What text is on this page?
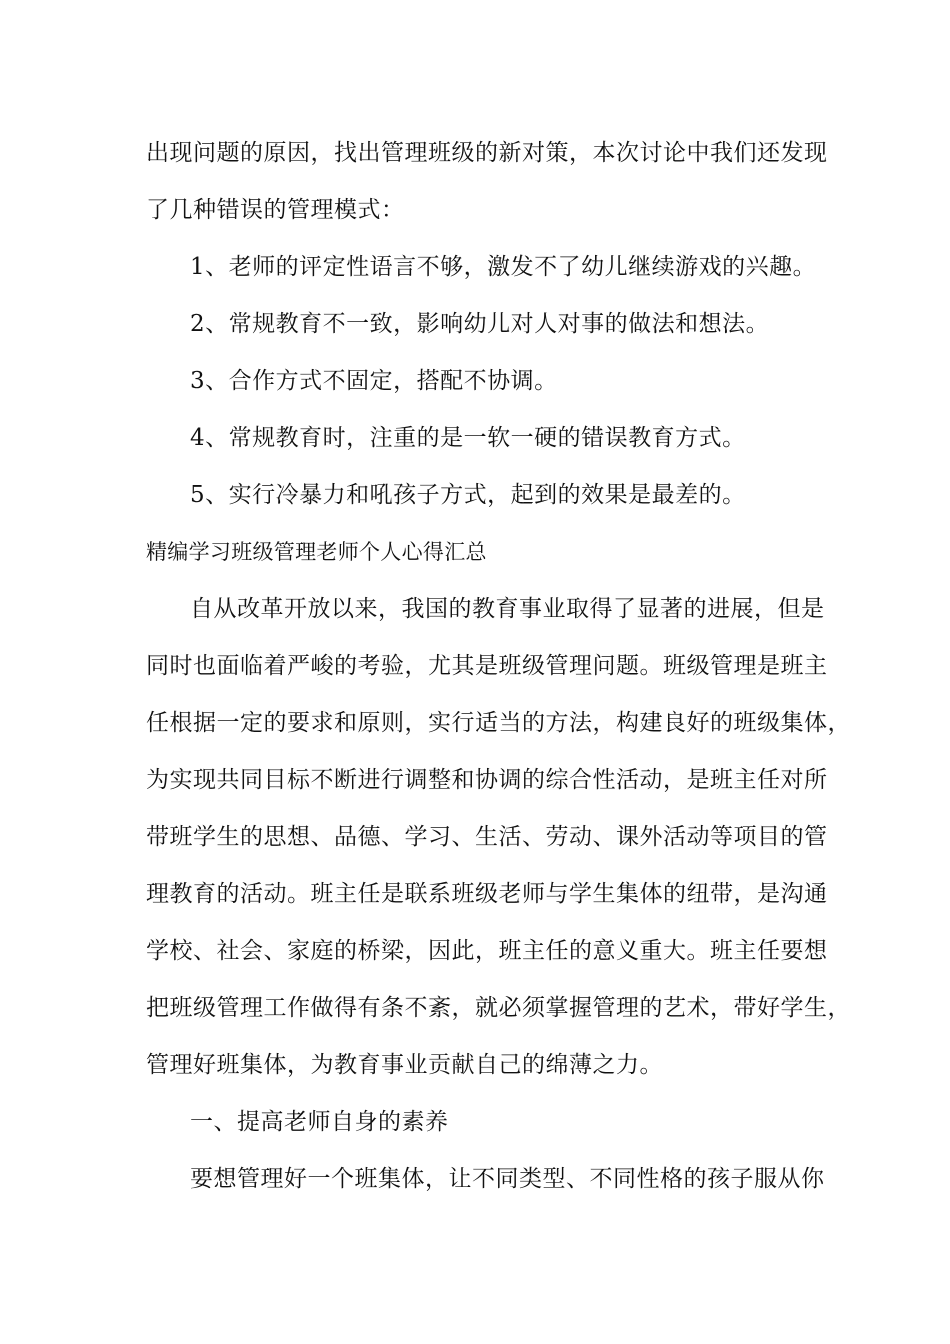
出现问题的原因，找出管理班级的新对策，本次讨论中我们还发现
了几种错误的管理模式：
1、老师的评定性语言不够，激发不了幼儿继续游戏的兴趣。
2、常规教育不一致，影响幼儿对人对事的做法和想法。
3、合作方式不固定，搭配不协调。
4、常规教育时，注重的是一软一硬的错误教育方式。
5、实行冷暴力和吼孩子方式，起到的效果是最差的。
精编学习班级管理老师个人心得汇总
自从改革开放以来，我国的教育事业取得了显著的进展，但是
同时也面临着严峻的考验，尤其是班级管理问题。班级管理是班主
任根据一定的要求和原则，实行适当的方法，构建良好的班级集体，
为实现共同目标不断进行调整和协调的综合性活动，是班主任对所
带班学生的思想、品德、学习、生活、劳动、课外活动等项目的管
理教育的活动。班主任是联系班级老师与学生集体的纽带，是沟通
学校、社会、家庭的桥梁，因此，班主任的意义重大。班主任要想
把班级管理工作做得有条不紊，就必须掌握管理的艺术，带好学生，
管理好班集体，为教育事业贡献自己的绵薄之力。
一、提高老师自身的素养
要想管理好一个班集体，让不同类型、不同性格的孩子服从你
